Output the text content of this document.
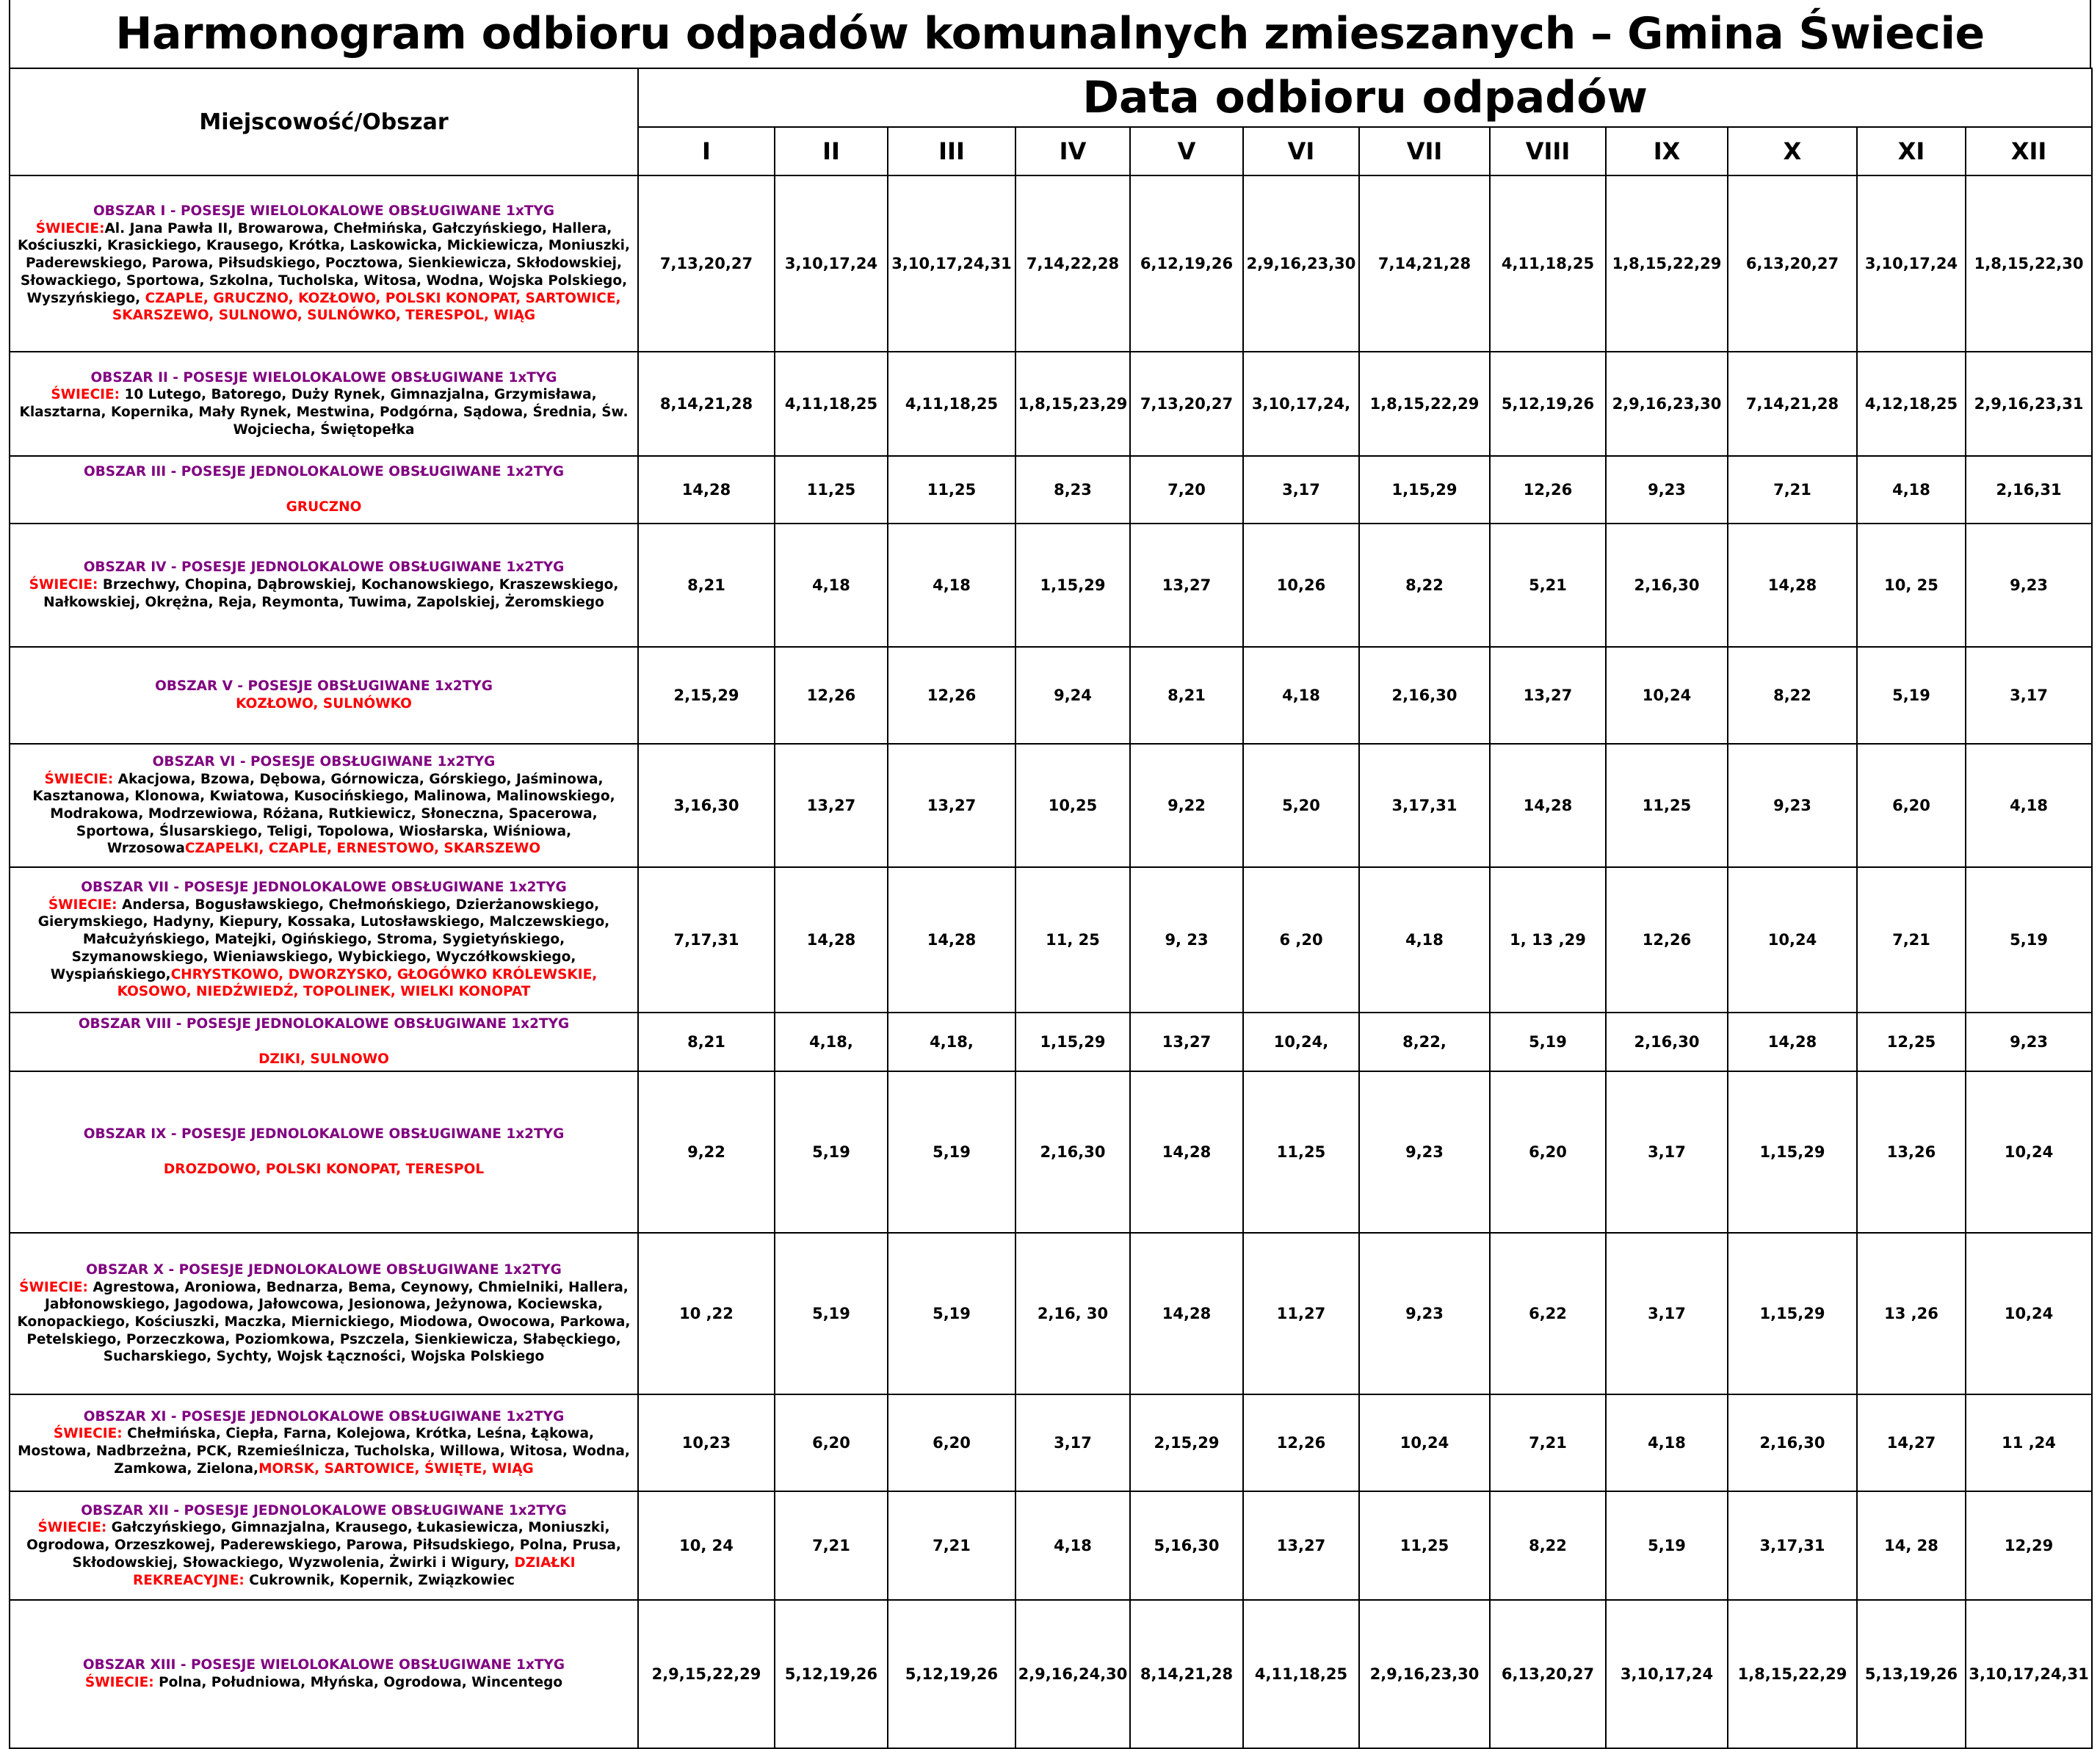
Harmonogram odbioru odpadów komunalnych zmieszanych – Gmina Świecie
Miejscowość/Obszar	Data odbioru odpadów											
	I	II	III	IV	V	VI	VII	VIII	IX	X	XI	XII
OBSZAR I - POSESJE WIELOLOKALOWE OBSŁUGIWANE 1xTYG
ŚWIECIE:Al. Jana Pawła II, Browarowa, Chełmińska, Gałczyńskiego, Hallera, Kościuszki, Krasickiego, Krausego, Krótka, Laskowicka, Mickiewicza, Moniuszki, Paderewskiego, Parowa, Piłsudskiego, Pocztowa, Sienkiewicza, Skłodowskiej, Słowackiego, Sportowa, Szkolna, Tucholska, Witosa, Wodna, Wojska Polskiego, Wyszyńskiego, CZAPLE, GRUCZNO, KOZŁOWO, POLSKI KONOPAT, SARTOWICE, SKARSZEWO, SULNOWO, SULNÓWKO, TERESPOL, WIĄG	7,13,20,27	3,10,17,24	3,10,17,24,31	7,14,22,28	6,12,19,26	2,9,16,23,30	7,14,21,28	4,11,18,25	1,8,15,22,29	6,13,20,27	3,10,17,24	1,8,15,22,30
OBSZAR II - POSESJE WIELOLOKALOWE OBSŁUGIWANE 1xTYG
ŚWIECIE: 10 Lutego, Batorego, Duży Rynek, Gimnazjalna, Grzymisława, Klasztarna, Kopernika, Mały Rynek, Mestwina, Podgórna, Sądowa, Średnia, Św. Wojciecha, Świętopełka	8,14,21,28	4,11,18,25	4,11,18,25	1,8,15,23,29	7,13,20,27	3,10,17,24,	1,8,15,22,29	5,12,19,26	2,9,16,23,30	7,14,21,28	4,12,18,25	2,9,16,23,31
OBSZAR III - POSESJE JEDNOLOKALOWE OBSŁUGIWANE 1x2TYG

GRUCZNO	14,28	11,25	11,25	8,23	7,20	3,17	1,15,29	12,26	9,23	7,21	4,18	2,16,31
OBSZAR IV - POSESJE JEDNOLOKALOWE OBSŁUGIWANE 1x2TYG
ŚWIECIE: Brzechwy, Chopina, Dąbrowskiej, Kochanowskiego, Kraszewskiego, Nałkowskiej, Okrężna, Reja, Reymonta, Tuwima, Zapolskiej, Żeromskiego	8,21	4,18	4,18	1,15,29	13,27	10,26	8,22	5,21	2,16,30	14,28	10, 25	9,23
OBSZAR V - POSESJE OBSŁUGIWANE 1x2TYG
KOZŁOWO, SULNÓWKO	2,15,29	12,26	12,26	9,24	8,21	4,18	2,16,30	13,27	10,24	8,22	5,19	3,17
OBSZAR VI - POSESJE OBSŁUGIWANE 1x2TYG
ŚWIECIE: Akacjowa, Bzowa, Dębowa, Górnowicza, Górskiego, Jaśminowa, Kasztanowa, Klonowa, Kwiatowa, Kusocińskiego, Malinowa, Malinowskiego, Modrakowa, Modrzewiowa, Różana, Rutkiewicz, Słoneczna, Spacerowa, Sportowa, Ślusarskiego, Teligi, Topolowa, Wiosłarska, Wiśniowa, WrzosowaCZAPELKI, CZAPLE, ERNESTOWO, SKARSZEWO	3,16,30	13,27	13,27	10,25	9,22	5,20	3,17,31	14,28	11,25	9,23	6,20	4,18
OBSZAR VII - POSESJE JEDNOLOKALOWE OBSŁUGIWANE 1x2TYG
ŚWIECIE: Andersa, Bogusławskiego, Chełmońskiego, Dzierżanowskiego, Gierymskiego, Hadyny, Kiepury, Kossaka, Lutosławskiego, Malczewskiego, Małcużyńskiego, Matejki, Ogińskiego, Stroma, Sygietyńskiego, Szymanowskiego, Wieniawskiego, Wybickiego, Wyczółkowskiego, Wyspiańskiego,CHRYSTKOWO, DWORZYSKO, GŁOGÓWKO KRÓLEWSKIE, KOSOWO, NIEDŹWIEDŹ, TOPOLINEK, WIELKI KONOPAT	7,17,31	14,28	14,28	11, 25	9, 23	6 ,20	4,18	1, 13 ,29	12,26	10,24	7,21	5,19
OBSZAR VIII - POSESJE JEDNOLOKALOWE OBSŁUGIWANE 1x2TYG

DZIKI, SULNOWO	8,21	4,18,	4,18,	1,15,29	13,27	10,24,	8,22,	5,19	2,16,30	14,28	12,25	9,23
OBSZAR IX - POSESJE JEDNOLOKALOWE OBSŁUGIWANE 1x2TYG

DROZDOWO, POLSKI KONOPAT, TERESPOL	9,22	5,19	5,19	2,16,30	14,28	11,25	9,23	6,20	3,17	1,15,29	13,26	10,24
OBSZAR X - POSESJE JEDNOLOKALOWE OBSŁUGIWANE 1x2TYG
ŚWIECIE: Agrestowa, Aroniowa, Bednarza, Bema, Ceynowy, Chmielniki, Hallera, Jabłonowskiego, Jagodowa, Jałowcowa, Jesionowa, Jeżynowa, Kociewska, Konopackiego, Kościuszki, Maczka, Miernickiego, Miodowa, Owocowa, Parkowa, Petelskiego, Porzeczkowa, Poziomkowa, Pszczela, Sienkiewicza, Słabęckiego, Sucharskiego, Sychty, Wojsk Łączności, Wojska Polskiego	10 ,22	5,19	5,19	2,16, 30	14,28	11,27	9,23	6,22	3,17	1,15,29	13 ,26	10,24
OBSZAR XI - POSESJE JEDNOLOKALOWE OBSŁUGIWANE 1x2TYG
ŚWIECIE: Chełmińska, Ciepła, Farna, Kolejowa, Krótka, Leśna, Łąkowa, Mostowa, Nadbrzeżna, PCK, Rzemieślnicza, Tucholska, Willowa, Witosa, Wodna, Zamkowa, Zielona,MORSK, SARTOWICE, ŚWIĘTE, WIĄG	10,23	6,20	6,20	3,17	2,15,29	12,26	10,24	7,21	4,18	2,16,30	14,27	11 ,24
OBSZAR XII - POSESJE JEDNOLOKALOWE OBSŁUGIWANE 1x2TYG
ŚWIECIE: Gałczyńskiego, Gimnazjalna, Krausego, Łukasiewicza, Moniuszki, Ogrodowa, Orzeszkowej, Paderewskiego, Parowa, Piłsudskiego, Polna, Prusa, Skłodowskiej, Słowackiego, Wyzwolenia, Żwirki i Wigury, DZIAŁKI REKREACYJNE: Cukrownik, Kopernik, Związkowiec	10, 24	7,21	7,21	4,18	5,16,30	13,27	11,25	8,22	5,19	3,17,31	14, 28	12,29
OBSZAR XIII - POSESJE WIELOLOKALOWE OBSŁUGIWANE 1xTYG
ŚWIECIE: Polna, Południowa, Młyńska, Ogrodowa, Wincentego	2,9,15,22,29	5,12,19,26	5,12,19,26	2,9,16,24,30	8,14,21,28	4,11,18,25	2,9,16,23,30	6,13,20,27	3,10,17,24	1,8,15,22,29	5,13,19,26	3,10,17,24,31
